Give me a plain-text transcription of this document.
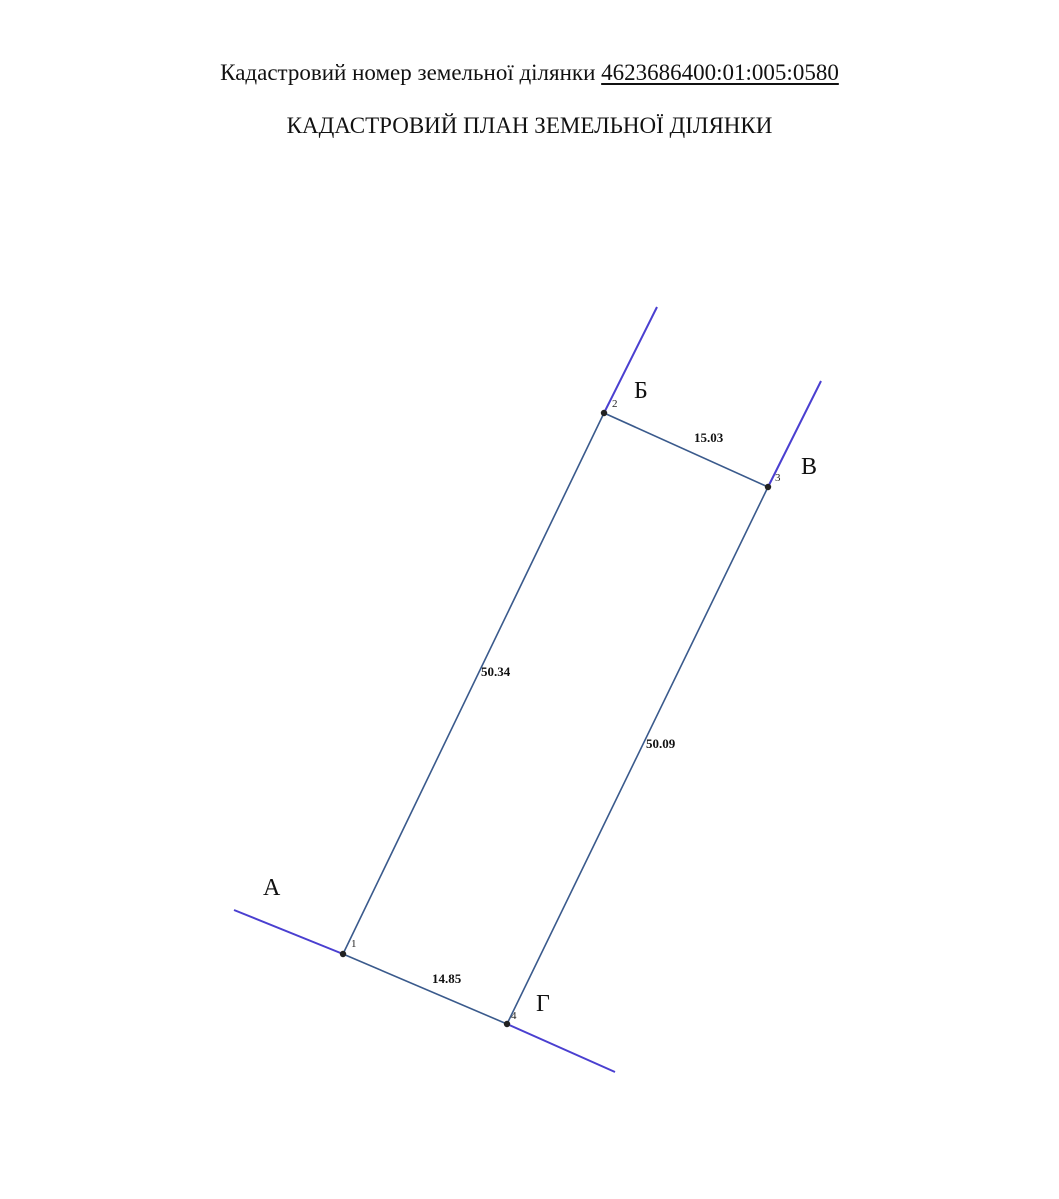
Кадастровий номер земельної ділянки 4623686400:01:005:0580
КАДАСТРОВИЙ ПЛАН ЗЕМЕЛЬНОЇ ДІЛЯНКИ
1
2
3
4
50.34
15.03
50.09
14.85
А
Б
В
Г
